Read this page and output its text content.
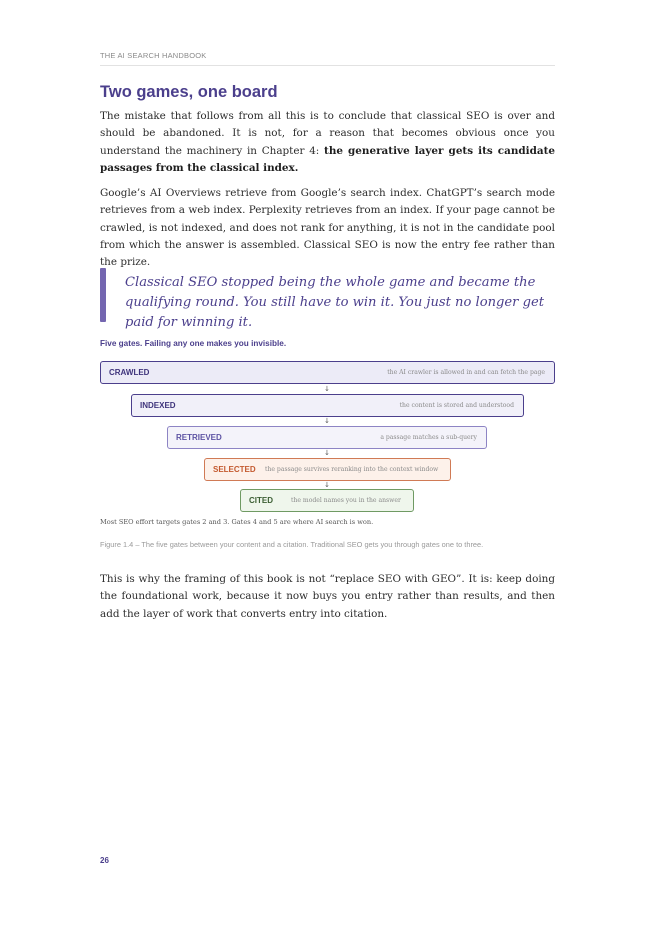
THE AI SEARCH HANDBOOK
Two games, one board

The mistake that follows from all this is to conclude that classical SEO is over and should be abandoned. It is not, for a reason that becomes obvious once you understand the machinery in Chapter 4: the generative layer gets its candidate passages from the classical index.

Google’s AI Overviews retrieve from Google’s search index. ChatGPT’s search mode retrieves from a web index. Perplexity retrieves from an index. If your page cannot be crawled, is not indexed, and does not rank for anything, it is not in the candidate pool from which the answer is assembled. Classical SEO is now the entry fee rather than the prize.

Classical SEO stopped being the whole game and became the qualifying round. You still have to win it. You just no longer get paid for winning it.
Five gates. Failing any one makes you invisible.
CRAWLED	the AI crawler is allowed in and can fetch the page
↓
INDEXED	the content is stored and understood
↓
RETRIEVED	a passage matches a sub-query
↓
SELECTED the passage survives reranking into the context window
↓
CITED	the model names you in the answer
Most SEO effort targets gates 2 and 3. Gates 4 and 5 are where AI search is won.
Figure 1.4 – The five gates between your content and a citation. Traditional SEO gets you through gates one to three.

This is why the framing of this book is not “replace SEO with GEO”. It is: keep doing the foundational work, because it now buys you entry rather than results, and then add the layer of work that converts entry into citation.

26
